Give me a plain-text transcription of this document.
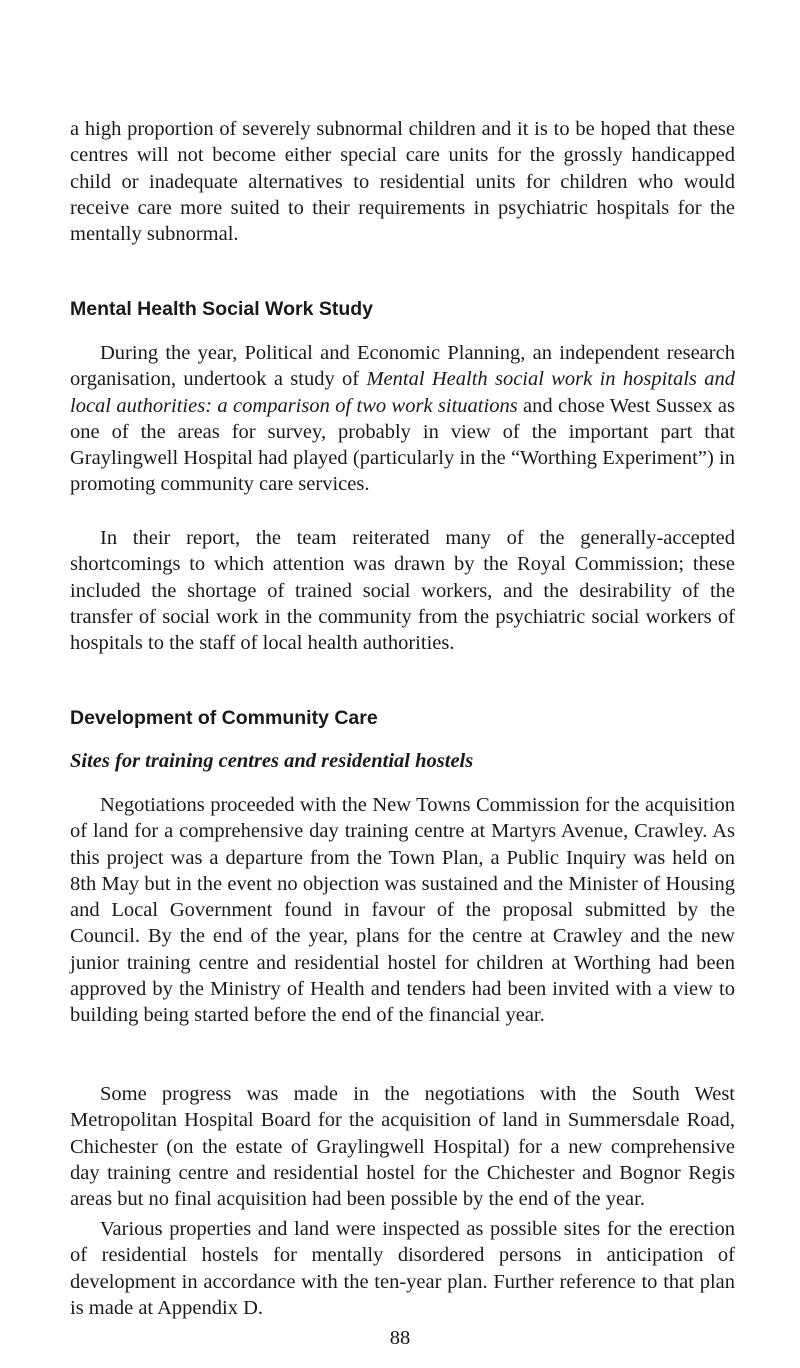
a high proportion of severely subnormal children and it is to be hoped that these centres will not become either special care units for the grossly handicapped child or inadequate alternatives to residential units for children who would receive care more suited to their requirements in psychiatric hospitals for the mentally subnormal.

Mental Health Social Work Study

During the year, Political and Economic Planning, an independent research organisation, undertook a study of Mental Health social work in hospitals and local authorities: a comparison of two work situations and chose West Sussex as one of the areas for survey, probably in view of the important part that Graylingwell Hospital had played (particularly in the “Worthing Experiment”) in promoting community care services.

In their report, the team reiterated many of the generally-accepted shortcomings to which attention was drawn by the Royal Commission; these included the shortage of trained social workers, and the desirability of the transfer of social work in the community from the psychiatric social workers of hospitals to the staff of local health authorities.

Development of Community Care
Sites for training centres and residential hostels

Negotiations proceeded with the New Towns Commission for the acquisition of land for a comprehensive day training centre at Martyrs Avenue, Crawley. As this project was a departure from the Town Plan, a Public Inquiry was held on 8th May but in the event no objection was sustained and the Minister of Housing and Local Government found in favour of the proposal submitted by the Council. By the end of the year, plans for the centre at Crawley and the new junior training centre and residential hostel for children at Worthing had been approved by the Ministry of Health and tenders had been invited with a view to building being started before the end of the financial year.

Some progress was made in the negotiations with the South West Metropolitan Hospital Board for the acquisition of land in Summersdale Road, Chichester (on the estate of Graylingwell Hospital) for a new comprehensive day training centre and residential hostel for the Chichester and Bognor Regis areas but no final acquisition had been possible by the end of the year.

Various properties and land were inspected as possible sites for the erection of residential hostels for mentally disordered persons in anticipation of development in accordance with the ten-year plan. Further reference to that plan is made at Appendix D.

88
